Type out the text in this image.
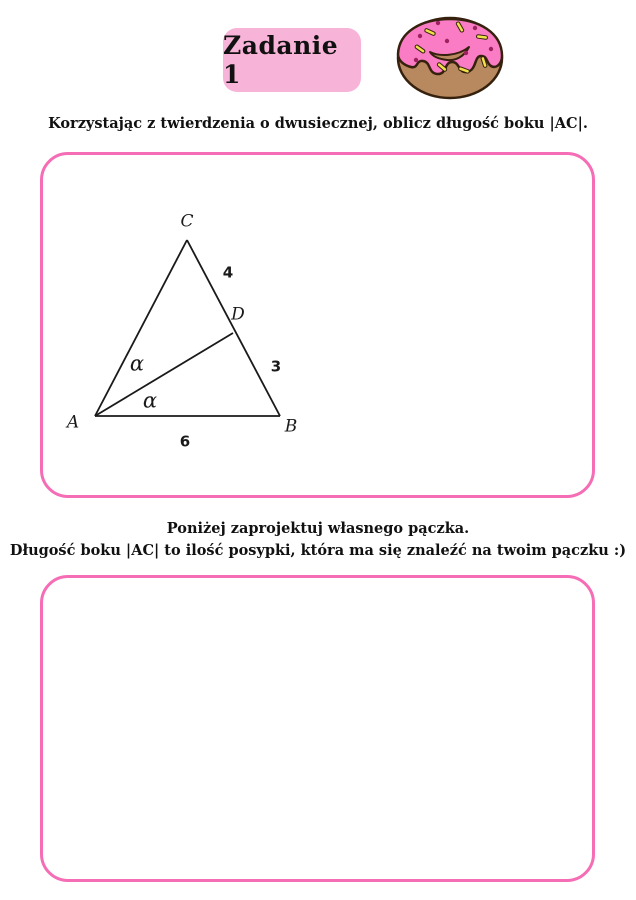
Zadanie 1
Korzystając z twierdzenia o dwusiecznej, oblicz długość boku |AC|.
C
A	B
D
4
3
6
α
α
Poniżej zaprojektuj własnego pączka.
Długość boku |AC| to ilość posypki, która ma się znaleźć na twoim pączku :)
